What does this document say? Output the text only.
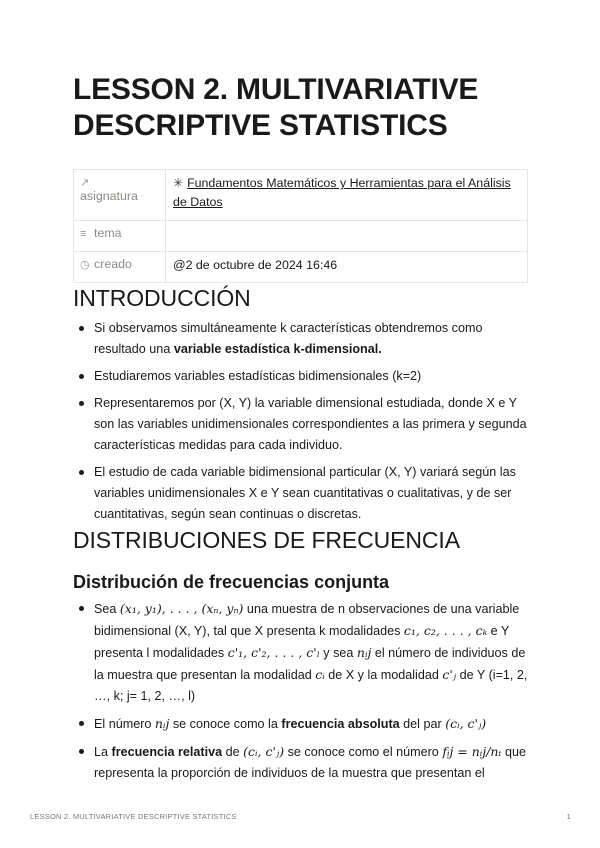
LESSON 2. MULTIVARIATIVE DESCRIPTIVE STATISTICS
↗
asignatura	✳ Fundamentos Matemáticos y Herramientas para el Análisis de Datos
≡ tema	
◷ creado	@2 de octubre de 2024 16:46
INTRODUCCIÓN
Si observamos simultáneamente k características obtendremos como resultado una variable estadística k-dimensional.
Estudiaremos variables estadísticas bidimensionales (k=2)
Representaremos por (X, Y) la variable dimensional estudiada, donde X e Y son las variables unidimensionales correspondientes a las primera y segunda características medidas para cada individuo.
El estudio de cada variable bidimensional particular (X, Y) variará según las variables unidimensionales X e Y sean cuantitativas o cualitativas, y de ser cuantitativas, según sean continuas o discretas.
DISTRIBUCIONES DE FRECUENCIA
Distribución de frecuencias conjunta
Sea (x₁, y₁), . . . , (xₙ, yₙ) una muestra de n observaciones de una variable bidimensional (X, Y), tal que X presenta k modalidades c₁, c₂, . . . , cₖ e Y presenta l modalidades c'₁, c'₂, . . . , c'ₗ y sea nᵢj el número de individuos de la muestra que presentan la modalidad cᵢ de X y la modalidad c'ⱼ de Y (i=1, 2, …, k; j= 1, 2, …, l)
El número nᵢj se conoce como la frecuencia absoluta del par (cᵢ, c'ⱼ)
La frecuencia relativa de (cᵢ, c'ⱼ) se conoce como el número fᵢj = nᵢj/nₜ que representa la proporción de individuos de la muestra que presentan el
LESSON 2. MULTIVARIATIVE DESCRIPTIVE STATISTICS	1
